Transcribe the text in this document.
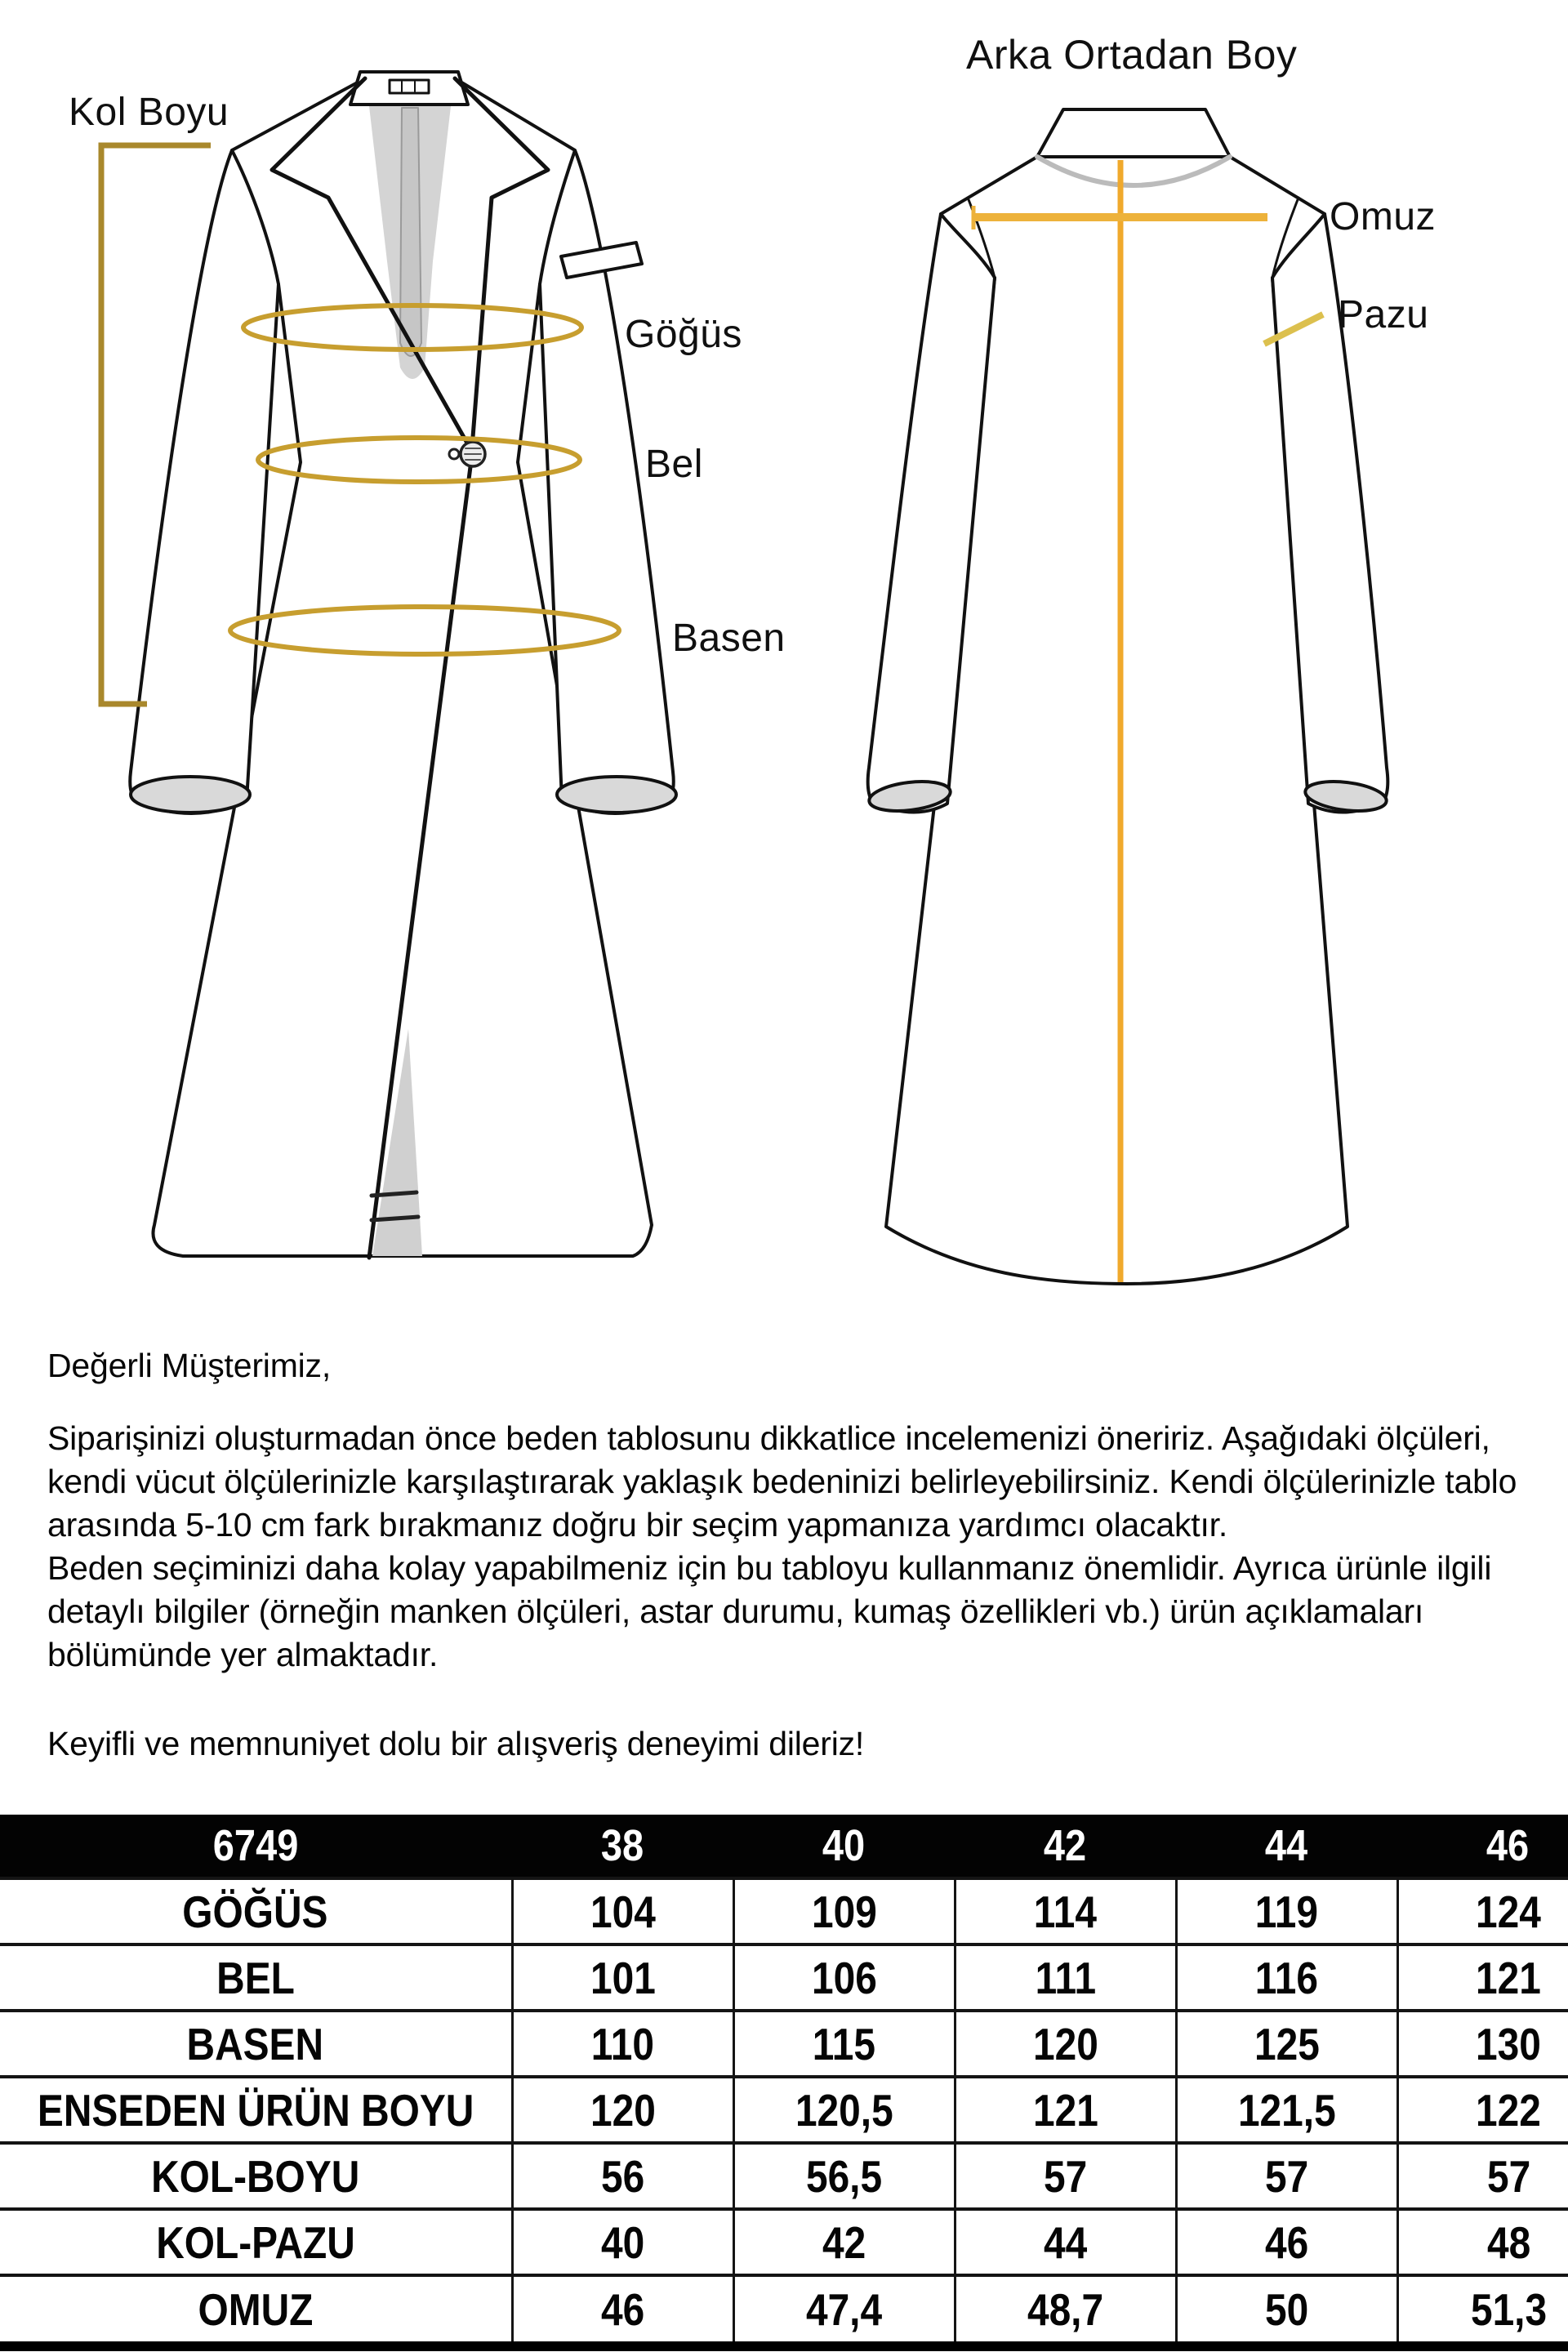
Kol Boyu
Arka Ortadan Boy
Göğüs
Bel
Basen
Omuz
Pazu

Değerli Müşterimiz,

Siparişinizi oluşturmadan önce beden tablosunu dikkatlice incelemenizi öneririz. Aşağıdaki ölçüleri, kendi vücut ölçülerinizle karşılaştırarak yaklaşık bedeninizi belirleyebilirsiniz. Kendi ölçülerinizle tablo arasında 5-10 cm fark bırakmanız doğru bir seçim yapmanıza yardımcı olacaktır.

Beden seçiminizi daha kolay yapabilmeniz için bu tabloyu kullanmanız önemlidir. Ayrıca ürünle ilgili detaylı bilgiler (örneğin manken ölçüleri, astar durumu, kumaş özellikleri vb.) ürün açıklamaları bölümünde yer almaktadır.

Keyifli ve memnuniyet dolu bir alışveriş deneyimi dileriz!

6749	38	40	42	44	46
GÖĞÜS	104	109	114	119	124
BEL	101	106	111	116	121
BASEN	110	115	120	125	130
ENSEDEN ÜRÜN BOYU	120	120,5	121	121,5	122
KOL-BOYU	56	56,5	57	57	57
KOL-PAZU	40	42	44	46	48
OMUZ	46	47,4	48,7	50	51,3
